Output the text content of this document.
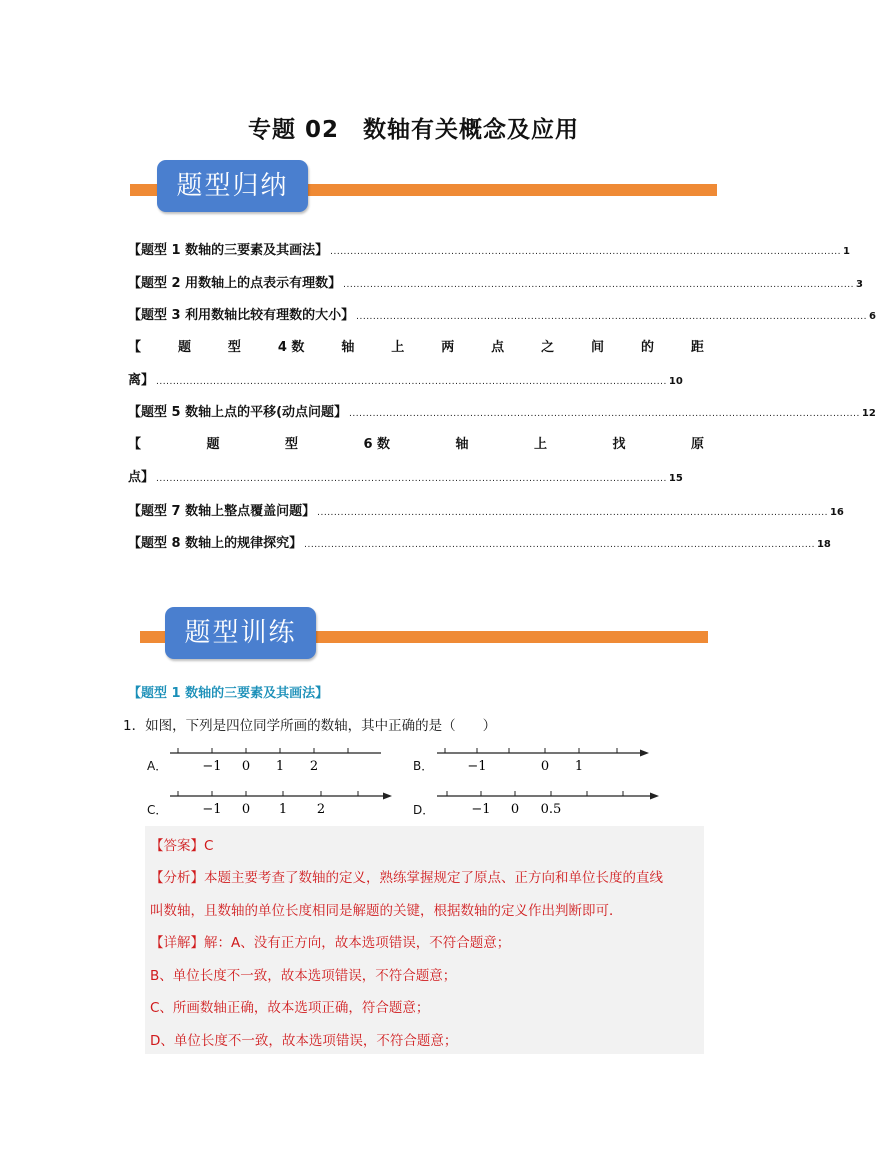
专题 02　数轴有关概念及应用
题型归纳
【题型 1 数轴的三要素及其画法】 ........................................................................................................................................................ 1
【题型 2 用数轴上的点表示有理数】 ........................................................................................................................................................ 3
【题型 3 利用数轴比较有理数的大小】 ........................................................................................................................................................ 6
【	题	型	4 数	轴	上	两	点	之	间	的	距
离】 ........................................................................................................................................................ 10
【题型 5 数轴上点的平移(动点问题】 ........................................................................................................................................................ 12
【	题	型	6 数	轴	上	找	原
点】 ........................................................................................................................................................ 15
【题型 7 数轴上整点覆盖问题】 ........................................................................................................................................................ 16
【题型 8 数轴上的规律探究】 ........................................................................................................................................................ 18
题型训练
【题型 1 数轴的三要素及其画法】
1．如图，下列是四位同学所画的数轴，其中正确的是（　　）
A．	−1 0 1 2	B．	−1	0 1
C．	−1 0 1 2	D．	−1 0 0.5
【答案】C
【分析】本题主要考查了数轴的定义，熟练掌握规定了原点、正方向和单位长度的直线
叫数轴，且数轴的单位长度相同是解题的关键，根据数轴的定义作出判断即可．
【详解】解：A、没有正方向，故本选项错误，不符合题意；
B、单位长度不一致，故本选项错误，不符合题意；
C、所画数轴正确，故本选项正确，符合题意；
D、单位长度不一致，故本选项错误，不符合题意；
